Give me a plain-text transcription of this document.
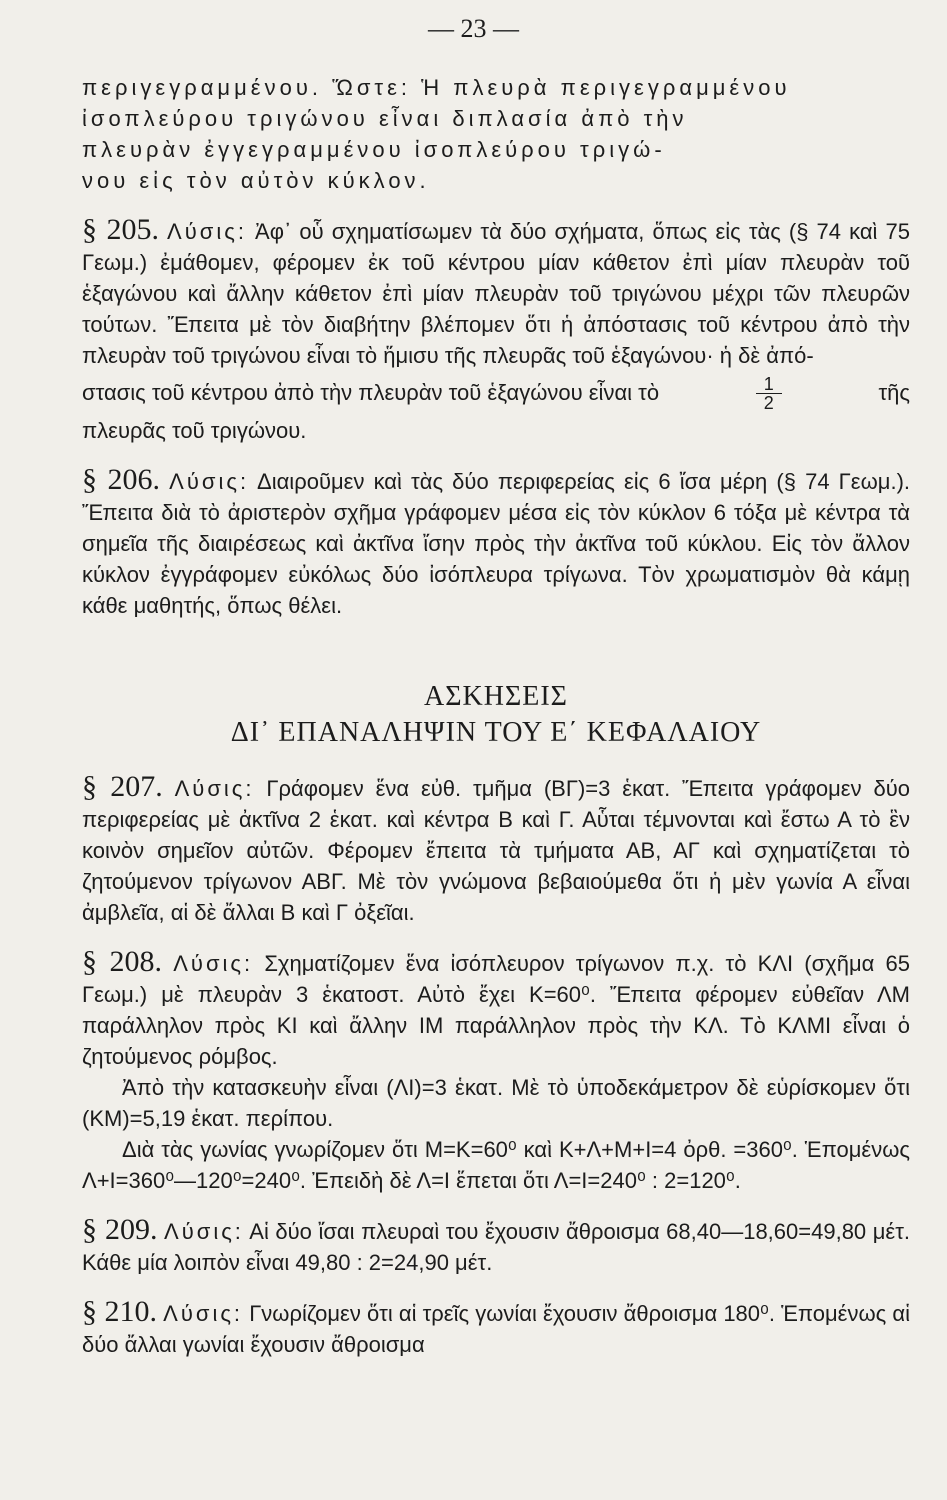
— 23 —

περιγεγραμμένου. Ὥστε: Ἡ πλευρὰ περιγεγραμμένου

ἰσοπλεύρου τριγώνου εἶναι διπλασία ἀπὸ τὴν

πλευρὰν ἐγγεγραμμένου ἰσοπλεύρου τριγώ-

νου εἰς τὸν αὐτὸν κύκλον.

§ 205. Λύσις: Ἀφ᾽ οὗ σχηματίσωμεν τὰ δύο σχήματα, ὅπως εἰς τὰς (§ 74 καὶ 75 Γεωμ.) ἐμάθομεν, φέρομεν ἐκ τοῦ κέντρου μίαν κάθετον ἐπὶ μίαν πλευρὰν τοῦ ἑξαγώνου καὶ ἄλλην κάθετον ἐπὶ μίαν πλευρὰν τοῦ τριγώνου μέχρι τῶν πλευρῶν τούτων. Ἔπειτα μὲ τὸν διαβήτην βλέπομεν ὅτι ἡ ἀπόστασις τοῦ κέντρου ἀπὸ τὴν πλευρὰν τοῦ τριγώνου εἶναι τὸ ἥμισυ τῆς πλευρᾶς τοῦ ἑξαγώνου· ἡ δὲ ἀπό-

στασις τοῦ κέντρου ἀπὸ τὴν πλευρὰν τοῦ ἑξαγώνου εἶναι τὸ	$\frac{1}{2}$	τῆς

πλευρᾶς τοῦ τριγώνου.

§ 206. Λύσις: Διαιροῦμεν καὶ τὰς δύο περιφερείας εἰς 6 ἴσα μέρη (§ 74 Γεωμ.). Ἔπειτα διὰ τὸ ἀριστερὸν σχῆμα γράφομεν μέσα εἰς τὸν κύκλον 6 τόξα μὲ κέντρα τὰ σημεῖα τῆς διαιρέσεως καὶ ἀκτῖνα ἴσην πρὸς τὴν ἀκτῖνα τοῦ κύκλου. Εἰς τὸν ἄλλον κύκλον ἐγγράφομεν εὐκόλως δύο ἰσόπλευρα τρίγωνα. Τὸν χρωματισμὸν θὰ κάμῃ κάθε μαθητής, ὅπως θέλει.

ΑΣΚΗΣΕΙΣ
ΔΙ᾽ ΕΠΑΝΑΛΗΨΙΝ ΤΟΥ Ε΄ ΚΕΦΑΛΑΙΟΥ

§ 207. Λύσις: Γράφομεν ἕνα εὐθ. τμῆμα (ΒΓ)=3 ἑκατ. Ἔπειτα γράφομεν δύο περιφερείας μὲ ἀκτῖνα 2 ἑκατ. καὶ κέντρα Β καὶ Γ. Αὗται τέμνονται καὶ ἔστω Α τὸ ἓν κοινὸν σημεῖον αὐτῶν. Φέρομεν ἔπειτα τὰ τμήματα ΑΒ, ΑΓ καὶ σχηματίζεται τὸ ζητούμενον τρίγωνον ΑΒΓ. Μὲ τὸν γνώμονα βεβαιούμεθα ὅτι ἡ μὲν γωνία Α εἶναι ἀμβλεῖα, αἱ δὲ ἄλλαι Β καὶ Γ ὀξεῖαι.

§ 208. Λύσις: Σχηματίζομεν ἕνα ἰσόπλευρον τρίγωνον π.χ. τὸ ΚΛΙ (σχῆμα 65 Γεωμ.) μὲ πλευρὰν 3 ἑκατοστ. Αὐτὸ ἔχει Κ=60⁰. Ἔπειτα φέρομεν εὐθεῖαν ΛΜ παράλληλον πρὸς ΚΙ καὶ ἄλλην ΙΜ παράλληλον πρὸς τὴν ΚΛ. Τὸ ΚΛΜΙ εἶναι ὁ ζητούμενος ρόμβος.

Ἀπὸ τὴν κατασκευὴν εἶναι (ΛΙ)=3 ἑκατ. Μὲ τὸ ὑποδεκάμετρον δὲ εὑρίσκομεν ὅτι (ΚΜ)=5,19 ἑκατ. περίπου.

Διὰ τὰς γωνίας γνωρίζομεν ὅτι Μ=Κ=60⁰ καὶ Κ+Λ+Μ+Ι=4 ὀρθ. =360⁰. Ἑπομένως Λ+Ι=360⁰—120⁰=240⁰. Ἐπειδὴ δὲ Λ=Ι ἕπεται ὅτι Λ=Ι=240⁰ : 2=120⁰.

§ 209. Λύσις: Αἱ δύο ἴσαι πλευραὶ του ἔχουσιν ἄθροισμα 68,40—18,60=49,80 μέτ. Κάθε μία λοιπὸν εἶναι 49,80 : 2=24,90 μέτ.

§ 210. Λύσις: Γνωρίζομεν ὅτι αἱ τρεῖς γωνίαι ἔχουσιν ἄθροισμα 180⁰. Ἑπομένως αἱ δύο ἄλλαι γωνίαι ἔχουσιν ἄθροισμα
